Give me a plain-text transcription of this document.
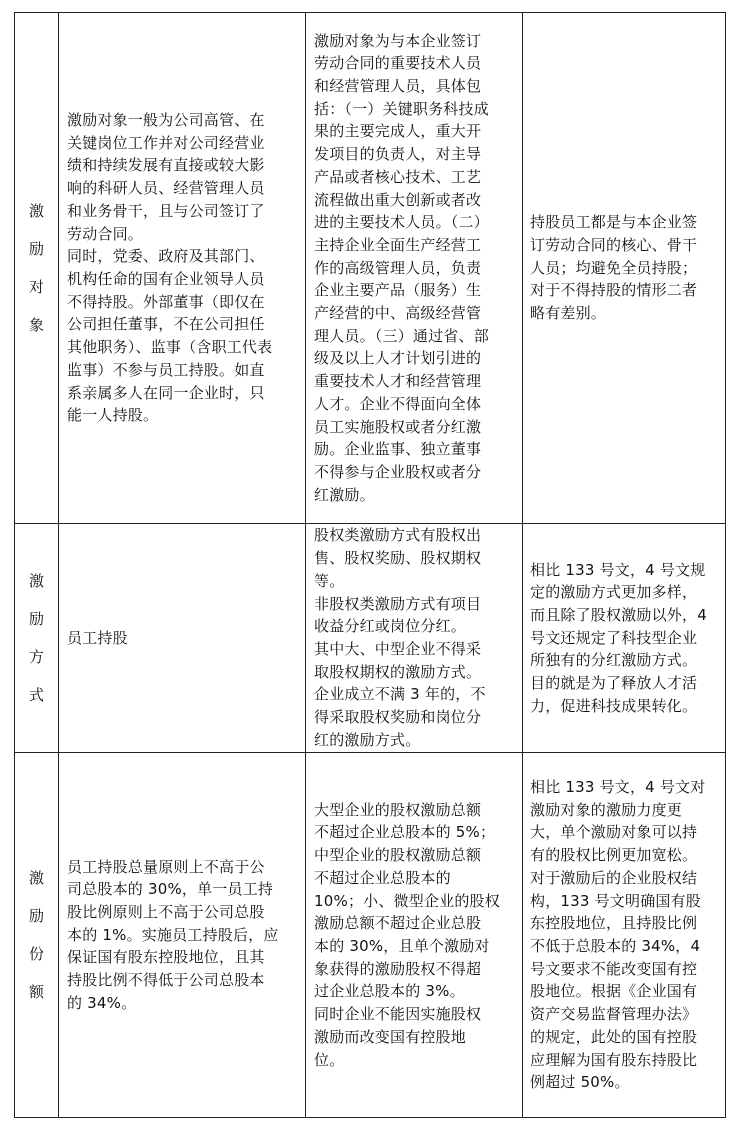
激
励
对
象
激励对象一般为公司高管、在
关键岗位工作并对公司经营业
绩和持续发展有直接或较大影
响的科研人员、经营管理人员
和业务骨干，且与公司签订了
劳动合同。
同时，党委、政府及其部门、
机构任命的国有企业领导人员
不得持股。外部董事（即仅在
公司担任董事，不在公司担任
其他职务）、监事（含职工代表
监事）不参与员工持股。如直
系亲属多人在同一企业时，只
能一人持股。
激励对象为与本企业签订
劳动合同的重要技术人员
和经营管理人员，具体包
括：（一）关键职务科技成
果的主要完成人，重大开
发项目的负责人，对主导
产品或者核心技术、工艺
流程做出重大创新或者改
进的主要技术人员。（二）
主持企业全面生产经营工
作的高级管理人员，负责
企业主要产品（服务）生
产经营的中、高级经营管
理人员。（三）通过省、部
级及以上人才计划引进的
重要技术人才和经营管理
人才。企业不得面向全体
员工实施股权或者分红激
励。企业监事、独立董事
不得参与企业股权或者分
红激励。
持股员工都是与本企业签
订劳动合同的核心、骨干
人员；均避免全员持股；
对于不得持股的情形二者
略有差别。
激
励
方
式
员工持股
股权类激励方式有股权出
售、股权奖励、股权期权
等。
非股权类激励方式有项目
收益分红或岗位分红。
其中大、中型企业不得采
取股权期权的激励方式。
企业成立不满 3 年的，不
得采取股权奖励和岗位分
红的激励方式。
相比 133 号文，4 号文规
定的激励方式更加多样，
而且除了股权激励以外，4
号文还规定了科技型企业
所独有的分红激励方式。
目的就是为了释放人才活
力，促进科技成果转化。
激
励
份
额
员工持股总量原则上不高于公
司总股本的 30%，单一员工持
股比例原则上不高于公司总股
本的 1%。实施员工持股后，应
保证国有股东控股地位，且其
持股比例不得低于公司总股本
的 34%。
大型企业的股权激励总额
不超过企业总股本的 5%；
中型企业的股权激励总额
不超过企业总股本的
10%；小、微型企业的股权
激励总额不超过企业总股
本的 30%，且单个激励对
象获得的激励股权不得超
过企业总股本的 3%。
同时企业不能因实施股权
激励而改变国有控股地
位。
相比 133 号文，4 号文对
激励对象的激励力度更
大，单个激励对象可以持
有的股权比例更加宽松。
对于激励后的企业股权结
构，133 号文明确国有股
东控股地位，且持股比例
不低于总股本的 34%，4
号文要求不能改变国有控
股地位。根据《企业国有
资产交易监督管理办法》
的规定，此处的国有控股
应理解为国有股东持股比
例超过 50%。
